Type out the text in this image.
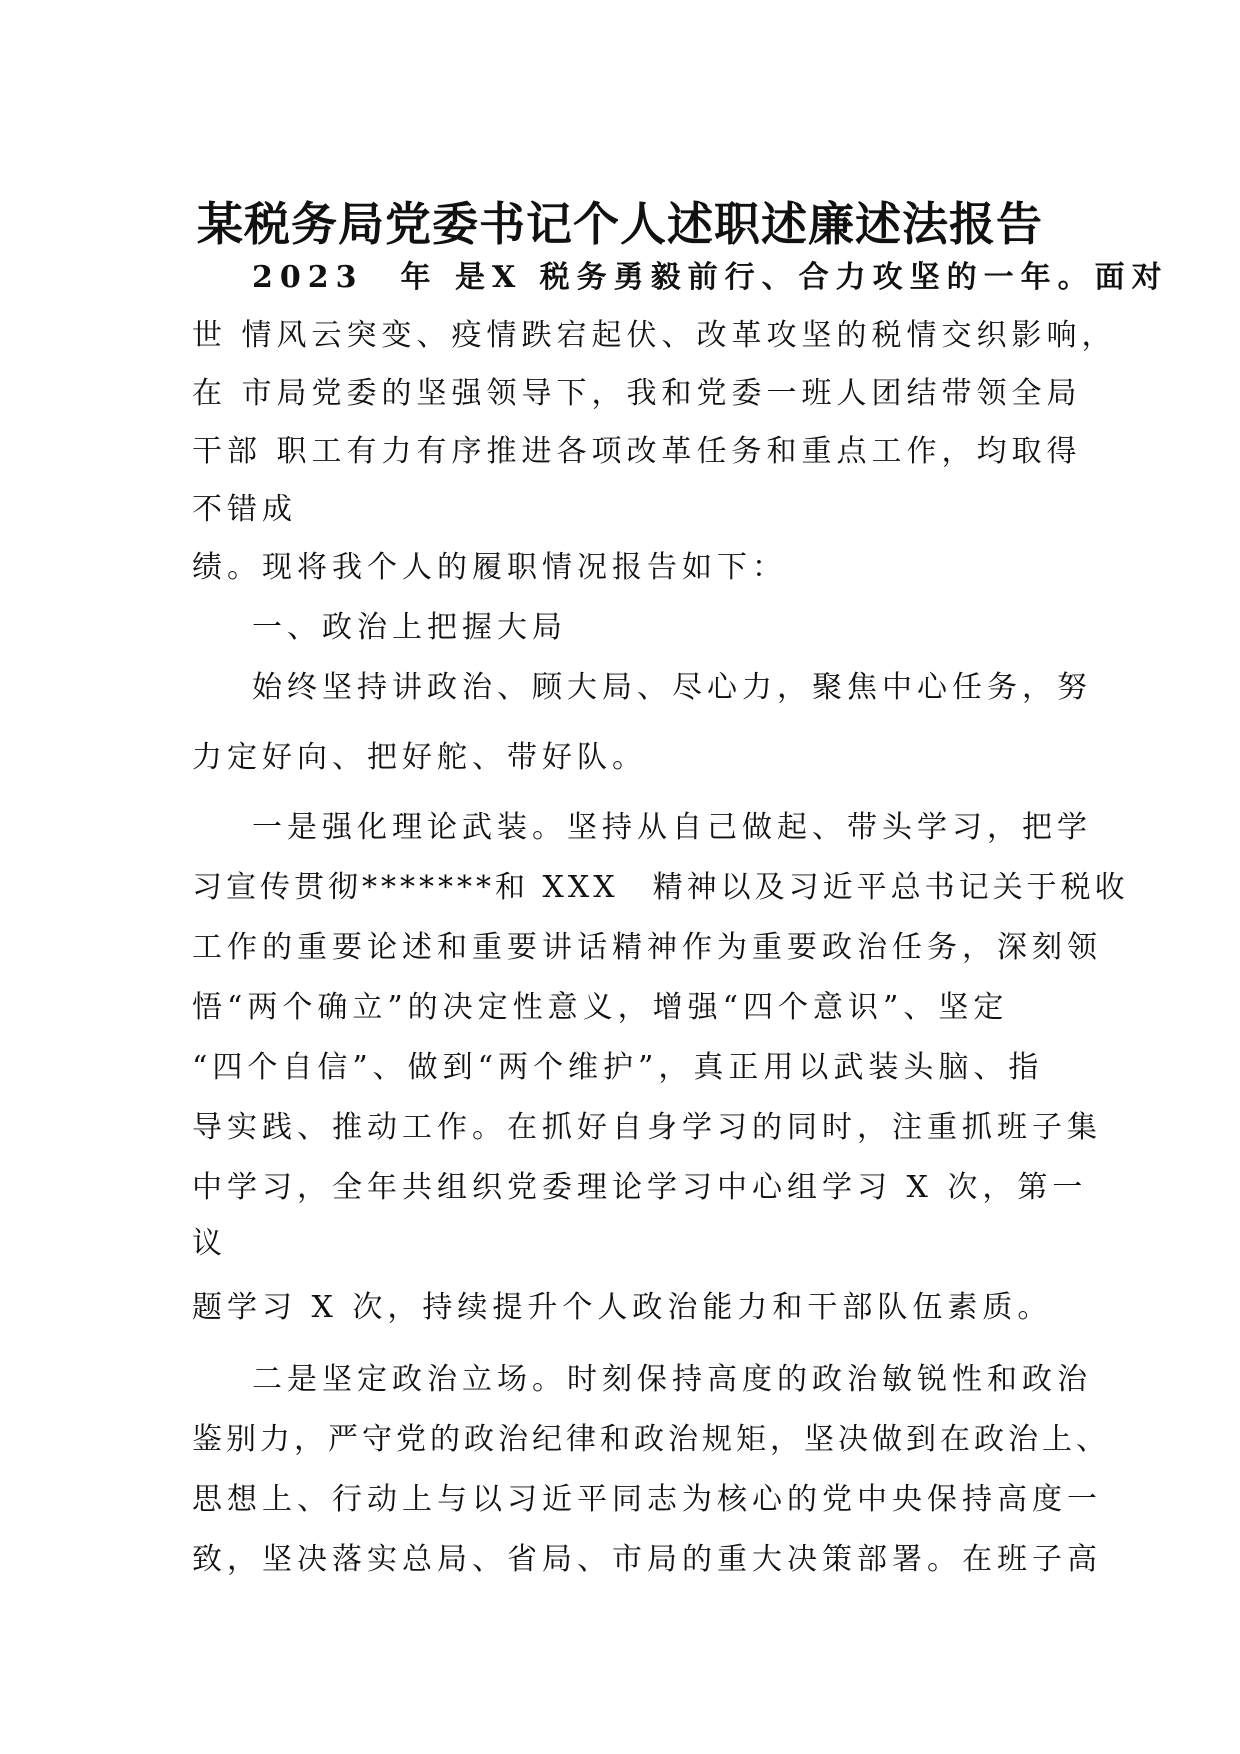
某税务局党委书记个人述职述廉述法报告
2023　年 是X 税务勇毅前行、合力攻坚的一年。面对
世 情风云突变、疫情跌宕起伏、改革攻坚的税情交织影响，
在 市局党委的坚强领导下，我和党委一班人团结带领全局
干部 职工有力有序推进各项改革任务和重点工作，均取得
不错成
绩。现将我个人的履职情况报告如下：
一、政治上把握大局
始终坚持讲政治、顾大局、尽心力，聚焦中心任务，努
力定好向、把好舵、带好队。
一是强化理论武装。坚持从自己做起、带头学习，把学
习宣传贯彻*******和 XXX　精神以及习近平总书记关于税收
工作的重要论述和重要讲话精神作为重要政治任务，深刻领
悟“两个确立”的决定性意义，增强“四个意识”、坚定
“四个自信”、做到“两个维护”，真正用以武装头脑、指
导实践、推动工作。在抓好自身学习的同时，注重抓班子集
中学习，全年共组织党委理论学习中心组学习 X 次，第一
议
题学习 X 次，持续提升个人政治能力和干部队伍素质。
二是坚定政治立场。时刻保持高度的政治敏锐性和政治
鉴别力，严守党的政治纪律和政治规矩，坚决做到在政治上、
思想上、行动上与以习近平同志为核心的党中央保持高度一
致，坚决落实总局、省局、市局的重大决策部署。在班子高
